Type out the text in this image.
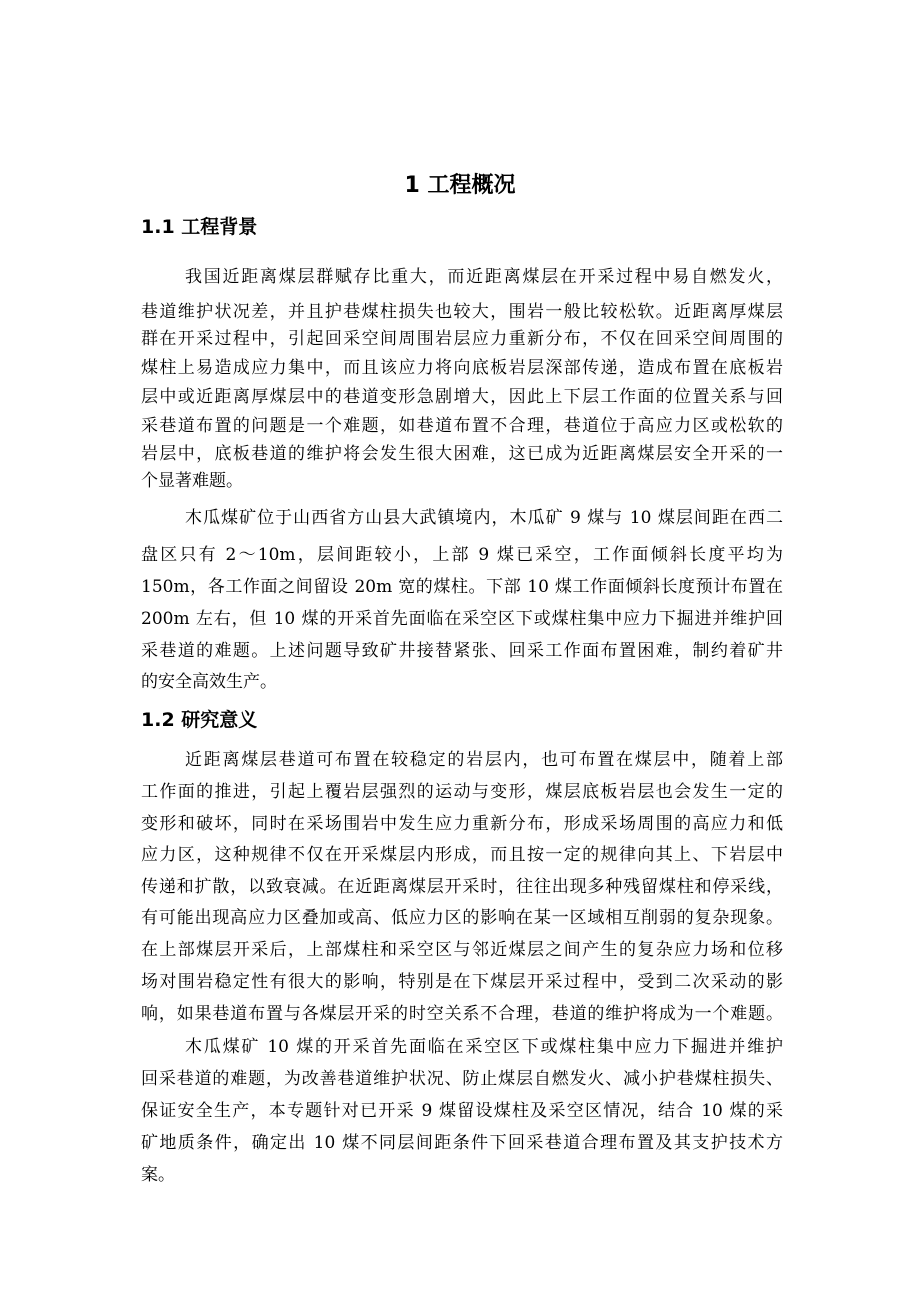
1 工程概况
1.1 工程背景

我国近距离煤层群赋存比重大，而近距离煤层在开采过程中易自燃发火，

巷道维护状况差，并且护巷煤柱损失也较大，围岩一般比较松软。近距离厚煤层

群在开采过程中，引起回采空间周围岩层应力重新分布，不仅在回采空间周围的

煤柱上易造成应力集中，而且该应力将向底板岩层深部传递，造成布置在底板岩

层中或近距离厚煤层中的巷道变形急剧增大，因此上下层工作面的位置关系与回

采巷道布置的问题是一个难题，如巷道布置不合理，巷道位于高应力区或松软的

岩层中，底板巷道的维护将会发生很大困难，这已成为近距离煤层安全开采的一

个显著难题。

木瓜煤矿位于山西省方山县大武镇境内，木瓜矿 9 煤与 10 煤层间距在西二

盘区只有 2～10m，层间距较小，上部 9 煤已采空，工作面倾斜长度平均为

150m，各工作面之间留设 20m 宽的煤柱。下部 10 煤工作面倾斜长度预计布置在

200m 左右，但 10 煤的开采首先面临在采空区下或煤柱集中应力下掘进并维护回

采巷道的难题。上述问题导致矿井接替紧张、回采工作面布置困难，制约着矿井

的安全高效生产。

1.2 研究意义

近距离煤层巷道可布置在较稳定的岩层内，也可布置在煤层中，随着上部

工作面的推进，引起上覆岩层强烈的运动与变形，煤层底板岩层也会发生一定的

变形和破坏，同时在采场围岩中发生应力重新分布，形成采场周围的高应力和低

应力区，这种规律不仅在开采煤层内形成，而且按一定的规律向其上、下岩层中

传递和扩散，以致衰减。在近距离煤层开采时，往往出现多种残留煤柱和停采线，

有可能出现高应力区叠加或高、低应力区的影响在某一区域相互削弱的复杂现象。

在上部煤层开采后，上部煤柱和采空区与邻近煤层之间产生的复杂应力场和位移

场对围岩稳定性有很大的影响，特别是在下煤层开采过程中，受到二次采动的影

响，如果巷道布置与各煤层开采的时空关系不合理，巷道的维护将成为一个难题。

木瓜煤矿 10 煤的开采首先面临在采空区下或煤柱集中应力下掘进并维护

回采巷道的难题，为改善巷道维护状况、防止煤层自燃发火、减小护巷煤柱损失、

保证安全生产，本专题针对已开采 9 煤留设煤柱及采空区情况，结合 10 煤的采

矿地质条件，确定出 10 煤不同层间距条件下回采巷道合理布置及其支护技术方

案。
